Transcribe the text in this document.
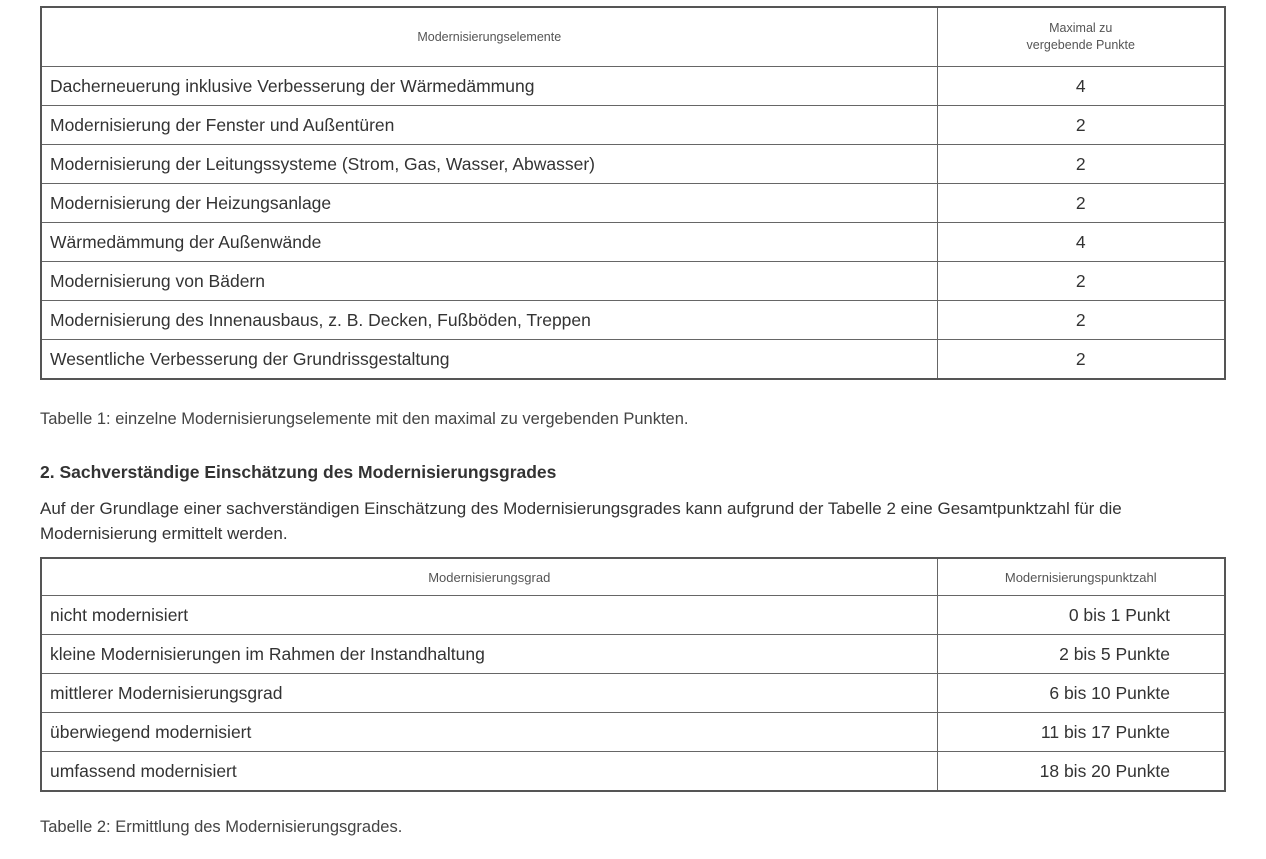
Modernisierungselemente	Maximal zu
vergebende Punkte
Dacherneuerung inklusive Verbesserung der Wärmedämmung	4
Modernisierung der Fenster und Außentüren	2
Modernisierung der Leitungssysteme (Strom, Gas, Wasser, Abwasser)	2
Modernisierung der Heizungsanlage	2
Wärmedämmung der Außenwände	4
Modernisierung von Bädern	2
Modernisierung des Innenausbaus, z. B. Decken, Fußböden, Treppen	2
Wesentliche Verbesserung der Grundrissgestaltung	2
Tabelle 1: einzelne Modernisierungselemente mit den maximal zu vergebenden Punkten.
2. Sachverständige Einschätzung des Modernisierungsgrades
Auf der Grundlage einer sachverständigen Einschätzung des Modernisierungsgrades kann aufgrund der Tabelle 2 eine Gesamtpunktzahl für die Modernisierung ermittelt werden.
Modernisierungsgrad	Modernisierungspunktzahl
nicht modernisiert	0 bis 1 Punkt
kleine Modernisierungen im Rahmen der Instandhaltung	2 bis 5 Punkte
mittlerer Modernisierungsgrad	6 bis 10 Punkte
überwiegend modernisiert	11 bis 17 Punkte
umfassend modernisiert	18 bis 20 Punkte
Tabelle 2: Ermittlung des Modernisierungsgrades.
